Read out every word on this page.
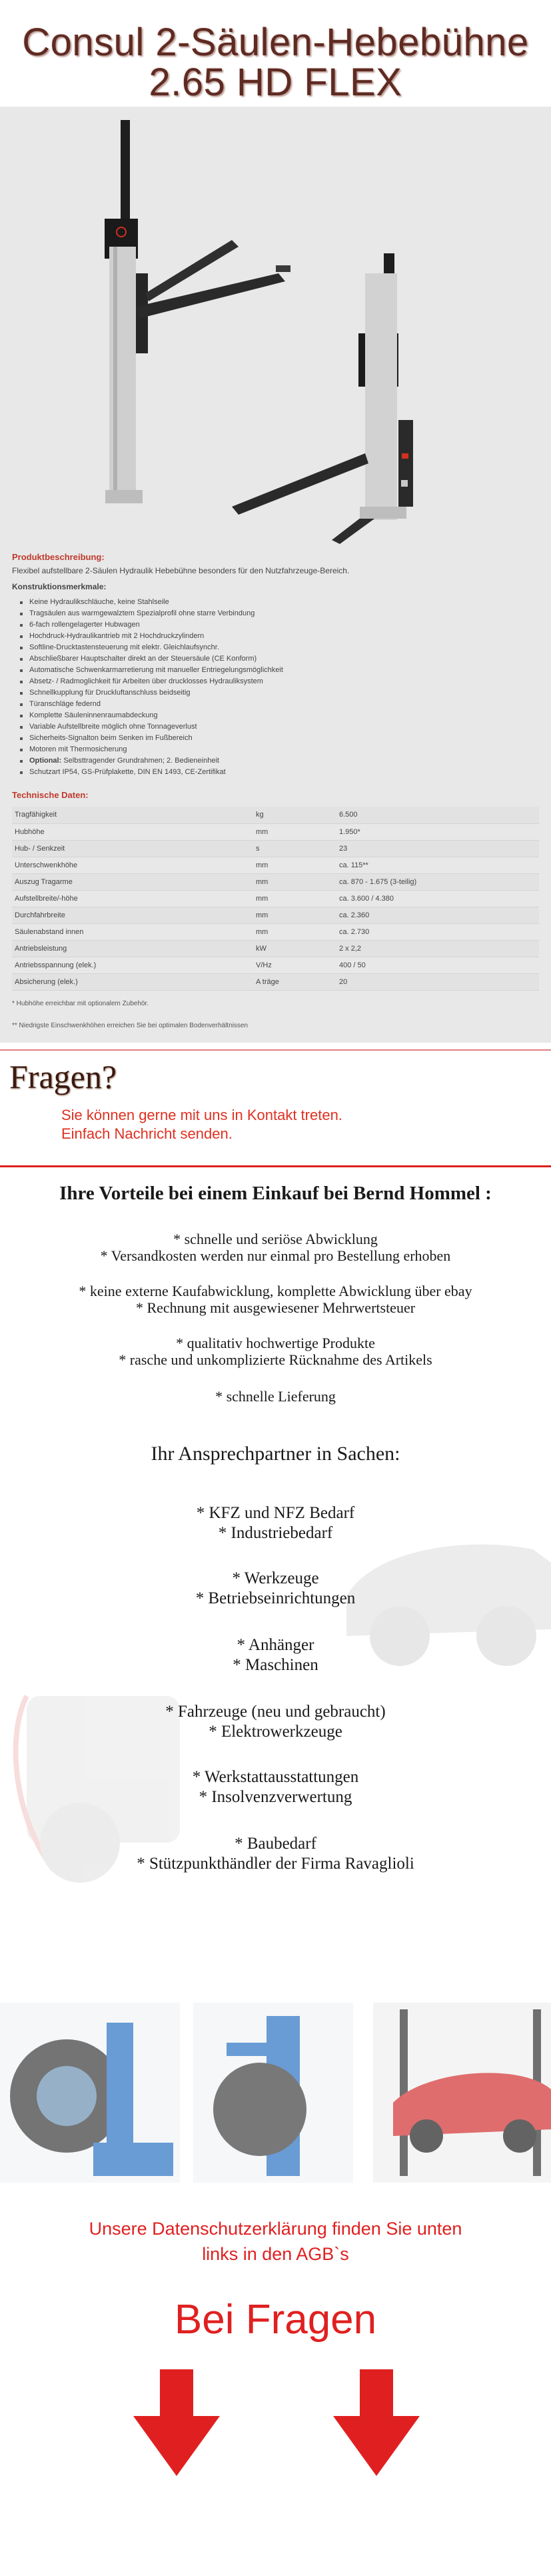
Consul 2-Säulen-Hebebühne
2.65 HD FLEX
Produktbeschreibung:
Flexibel aufstellbare 2-Säulen Hydraulik Hebebühne besonders für den Nutzfahrzeuge-Bereich.
Konstruktionsmerkmale:
Keine Hydraulikschläuche, keine Stahlseile
Tragsäulen aus warmgewalztem Spezialprofil ohne starre Verbindung
6-fach rollengelagerter Hubwagen
Hochdruck-Hydraulikantrieb mit 2 Hochdruckzylindern
Softline-Drucktastensteuerung mit elektr. Gleichlaufsynchr.
Abschließbarer Hauptschalter direkt an der Steuersäule (CE Konform)
Automatische Schwenkarmarretierung mit manueller Entriegelungsmöglichkeit
Absetz- / Radmoglichkeit für Arbeiten über drucklosses Hydrauliksystem
Schnellkupplung für Druckluftanschluss beidseitig
Türanschläge federnd
Komplette Säuleninnenraumabdeckung
Variable Aufstellbreite möglich ohne Tonnageverlust
Sicherheits-Signalton beim Senken im Fußbereich
Motoren mit Thermosicherung
Optional: Selbsttragender Grundrahmen; 2. Bedieneinheit
Schutzart IP54, GS-Prüfplakette, DIN EN 1493, CE-Zertifikat
Technische Daten:
Tragfähigkeit	kg	6.500
Hubhöhe	mm	1.950*
Hub- / Senkzeit	s	23
Unterschwenkhöhe	mm	ca. 115**
Auszug Tragarme	mm	ca. 870 - 1.675 (3-teilig)
Aufstellbreite/-höhe	mm	ca. 3.600 / 4.380
Durchfahrbreite	mm	ca. 2.360
Säulenabstand innen	mm	ca. 2.730
Antriebsleistung	kW	2 x 2,2
Antriebsspannung (elek.)	V/Hz	400 / 50
Absicherung (elek.)	A träge	20
* Hubhöhe erreichbar mit optionalem Zubehör.
** Niedrigste Einschwenkhöhen erreichen Sie bei optimalen Bodenverhältnissen
Fragen?
Sie können gerne mit uns in Kontakt treten.
Einfach Nachricht senden.
Ihre Vorteile bei einem Einkauf bei Bernd Hommel :
* schnelle und seriöse Abwicklung
* Versandkosten werden nur einmal pro Bestellung erhoben
* keine externe Kaufabwicklung, komplette Abwicklung über ebay
* Rechnung mit ausgewiesener Mehrwertsteuer
* qualitativ hochwertige Produkte
* rasche und unkomplizierte Rücknahme des Artikels
* schnelle Lieferung
Ihr Ansprechpartner in Sachen:
* KFZ und NFZ Bedarf
* Industriebedarf
* Werkzeuge
* Betriebseinrichtungen
* Anhänger
* Maschinen
* Fahrzeuge (neu und gebraucht)
* Elektrowerkzeuge
* Werkstattausstattungen
* Insolvenzverwertung
* Baubedarf
* Stützpunkthändler der Firma Ravaglioli
Unsere Datenschutzerklärung finden Sie unten
links in den AGB`s
Bei Fragen
